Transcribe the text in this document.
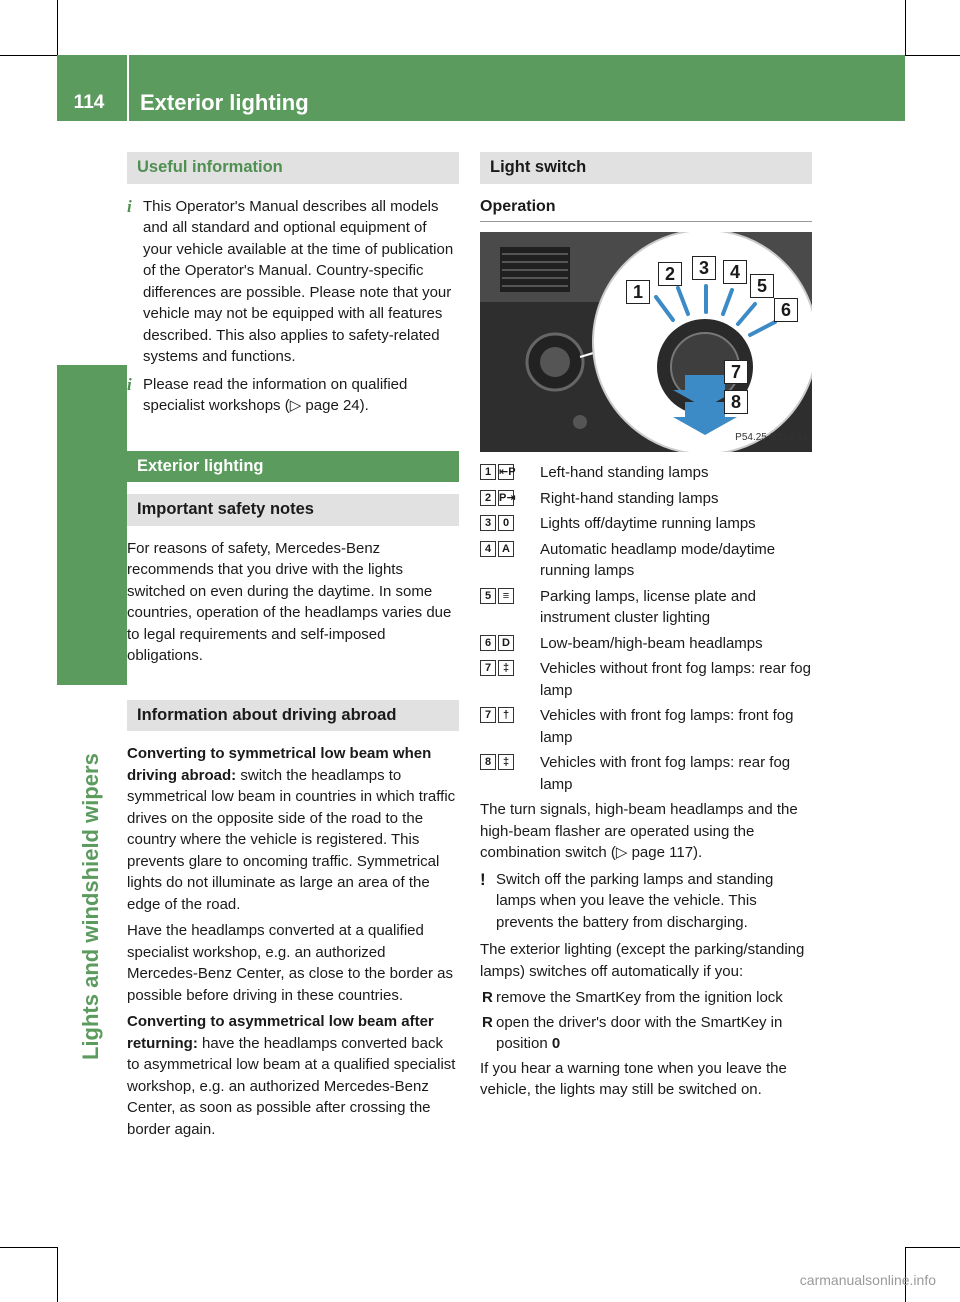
114	Exterior lighting
Lights and windshield wipers
Useful information
i This Operator's Manual describes all models and all standard and optional equipment of your vehicle available at the time of publication of the Operator's Manual. Country-specific differences are possible. Please note that your vehicle may not be equipped with all features described. This also applies to safety-related systems and functions.
i Please read the information on qualified specialist workshops (▷ page 24).
Exterior lighting
Important safety notes

For reasons of safety, Mercedes-Benz recommends that you drive with the lights switched on even during the daytime. In some countries, operation of the headlamps varies due to legal requirements and self-imposed obligations.

Information about driving abroad

Converting to symmetrical low beam when driving abroad: switch the headlamps to symmetrical low beam in countries in which traffic drives on the opposite side of the road to the country where the vehicle is registered. This prevents glare to oncoming traffic. Symmetrical lights do not illuminate as large an area of the edge of the road.

Have the headlamps converted at a qualified specialist workshop, e.g. an authorized Mercedes-Benz Center, as close to the border as possible before driving in these countries.

Converting to asymmetrical low beam after returning: have the headlamps converted back to asymmetrical low beam at a qualified specialist workshop, e.g. an authorized Mercedes-Benz Center, as soon as possible after crossing the border again.

Light switch
Operation
1
2	3	4
5
6
7
8
P54.25-B218-31
1 ⇤P Left-hand standing lamps
2 P⇥ Right-hand standing lamps
3	0	Lights off/daytime running lamps
4 A Automatic headlamp mode/daytime running lamps
5	≡	Parking lamps, license plate and instrument cluster lighting
6 D Low-beam/high-beam headlamps
7	‡	Vehicles without front fog lamps: rear fog lamp
7	†	Vehicles with front fog lamps: front fog lamp
8	‡	Vehicles with front fog lamps: rear fog lamp

The turn signals, high-beam headlamps and the high-beam flasher are operated using the combination switch (▷ page 117).

! Switch off the parking lamps and standing lamps when you leave the vehicle. This prevents the battery from discharging.

The exterior lighting (except the parking/standing lamps) switches off automatically if you:

R remove the SmartKey from the ignition lock
R open the driver's door with the SmartKey in position 0

If you hear a warning tone when you leave the vehicle, the lights may still be switched on.

carmanualsonline.info
